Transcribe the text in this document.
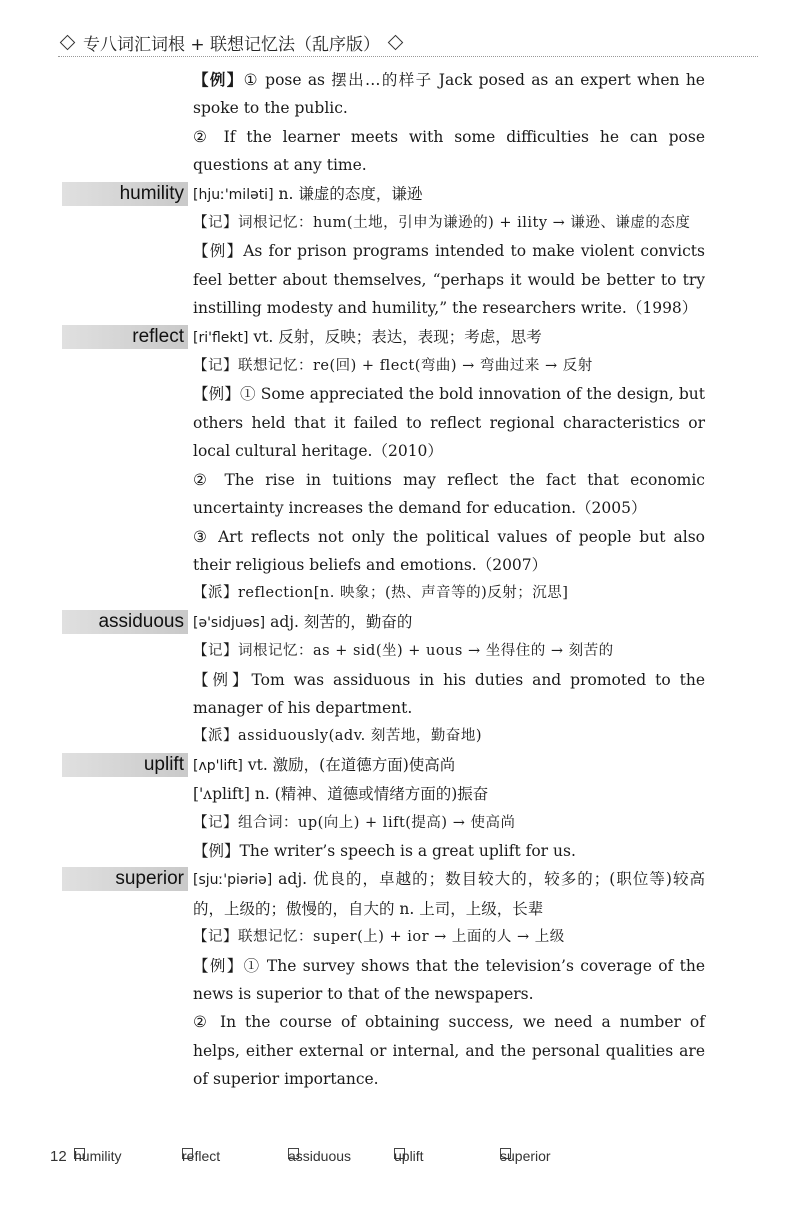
专八词汇词根 + 联想记忆法（乱序版）
【例】① pose as 摆出…的样子 Jack posed as an expert when he spoke to the public.
② If the learner meets with some difficulties he can pose questions at any time.
humility [hjuː'miləti] n. 谦虚的态度，谦逊
【记】词根记忆：hum(土地，引申为谦逊的) + ility → 谦逊、谦虚的态度
【例】As for prison programs intended to make violent convicts feel better about themselves, “perhaps it would be better to try instilling modesty and humility,” the researchers write.（1998）
reflect [ri'flekt] vt. 反射，反映；表达，表现；考虑，思考
【记】联想记忆：re(回) + flect(弯曲) → 弯曲过来 → 反射
【例】① Some appreciated the bold innovation of the design, but others held that it failed to reflect regional characteristics or local cultural heritage.（2010）
② The rise in tuitions may reflect the fact that economic uncertainty increases the demand for education.（2005）
③ Art reflects not only the political values of people but also their religious beliefs and emotions.（2007）
【派】reflection[n. 映象；(热、声音等的)反射；沉思]
assiduous [ə'sidjuəs] adj. 刻苦的，勤奋的
【记】词根记忆：as + sid(坐) + uous → 坐得住的 → 刻苦的
【例】Tom was assiduous in his duties and promoted to the manager of his department.
【派】assiduously(adv. 刻苦地，勤奋地)
uplift [ʌp'lift] vt. 激励，(在道德方面)使高尚
['ʌplift] n. (精神、道德或情绪方面的)振奋
【记】组合词：up(向上) + lift(提高) → 使高尚
【例】The writer’s speech is a great uplift for us.
superior [sjuː'piəriə] adj. 优良的，卓越的；数目较大的，较多的；(职位等)较高的，上级的；傲慢的，自大的 n. 上司，上级，长辈
【记】联想记忆：super(上) + ior → 上面的人 → 上级
【例】① The survey shows that the television’s coverage of the news is superior to that of the newspapers.
② In the course of obtaining success, we need a number of helps, either external or internal, and the personal qualities are of superior importance.
12 humility	reflect	assiduous	uplift	superior
